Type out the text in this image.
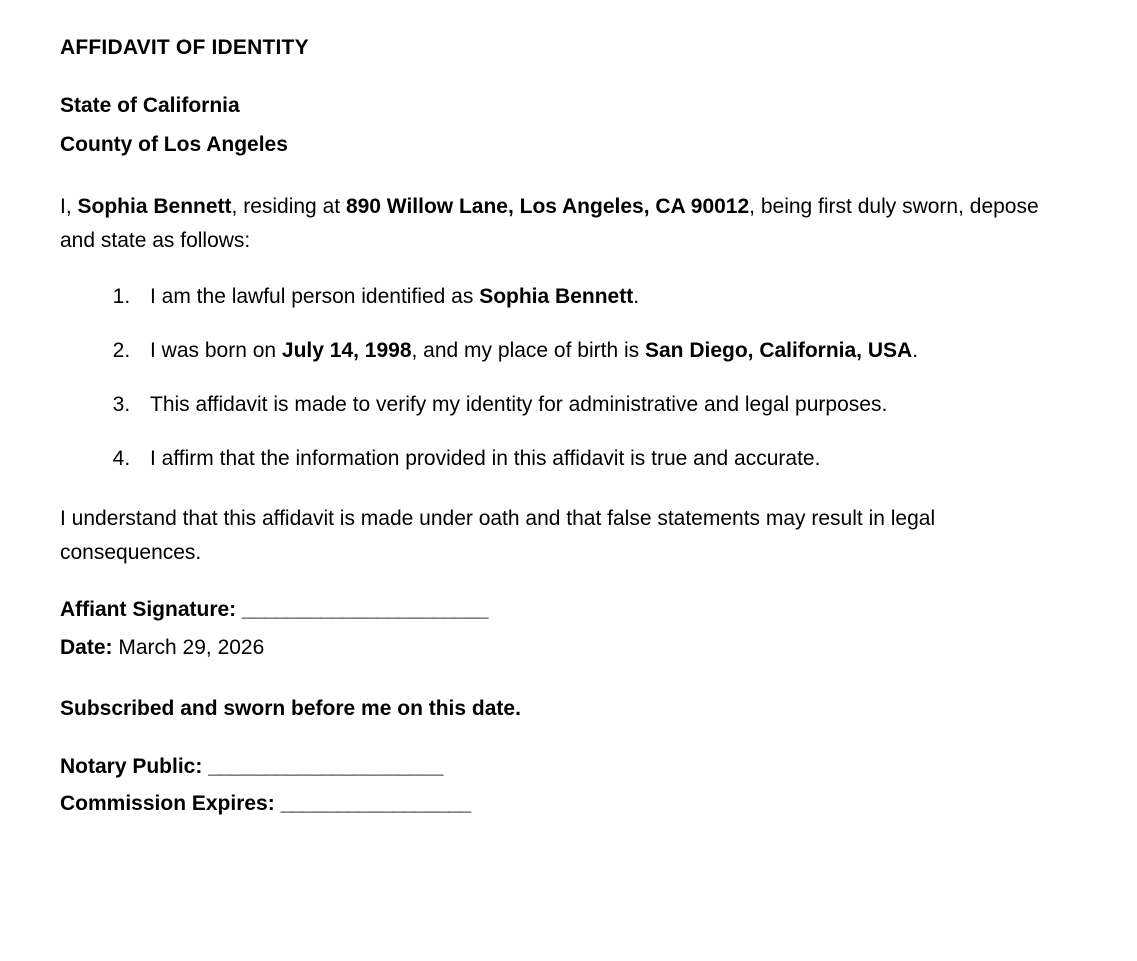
AFFIDAVIT OF IDENTITY

State of California

County of Los Angeles

I, Sophia Bennett, residing at 890 Willow Lane, Los Angeles, CA 90012, being first duly sworn, depose and state as follows:

1. I am the lawful person identified as Sophia Bennett.
2. I was born on July 14, 1998, and my place of birth is San Diego, California, USA.
3. This affidavit is made to verify my identity for administrative and legal purposes.
4. I affirm that the information provided in this affidavit is true and accurate.

I understand that this affidavit is made under oath and that false statements may result in legal consequences.

Affiant Signature: ______________________

Date: March 29, 2026

Subscribed and sworn before me on this date.

Notary Public: _____________________

Commission Expires: _________________
